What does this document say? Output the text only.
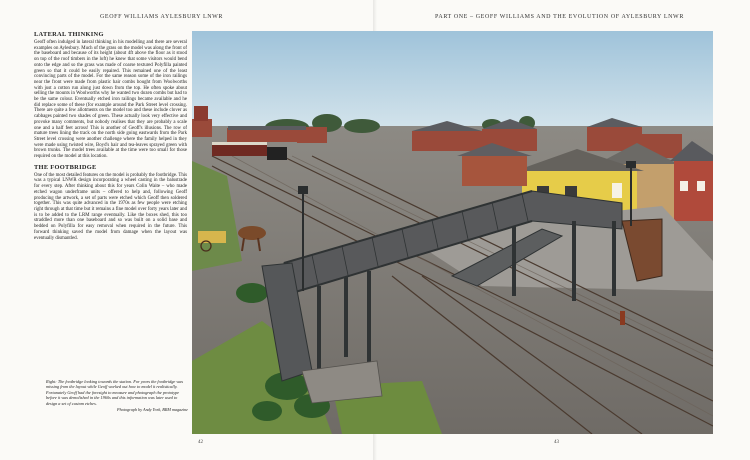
GEOFF WILLIAMS AYLESBURY LNWR	PART ONE – GEOFF WILLIAMS AND THE EVOLUTION OF AYLESBURY LNWR
LATERAL THINKING

Geoff often indulged in lateral thinking in his modelling and there are several examples on Aylesbury. Much of the grass on the model was along the front of the baseboard and because of its height (about 4ft above the floor as it stood on top of the roof timbers in the loft) he knew that some visitors would bend onto the edge and so the grass was made of coarse textured Polyfilla painted green so that it could be easily repaired. This remained one of the least convincing parts of the model. For the same reason some of the iron railings near the front were made from plastic hair combs bought from Woolworths with just a cotton run along just down from the top. He often spoke about selling the mounts in Woolworths why he wanted two dozen combs but had to be the same colour. Eventually etched iron railings became available and he did replace some of these (for example around the Park Street level crossing. There are quite a few allotments on the model too and these include clover as cabbages painted two shades of green. These actually look very effective and provoke many comments, but nobody realises that they are probably a scale one and a half feet across! This is another of Geoff's illusions. The row of mature trees lining the track on the north side going eastwards from the Park Street level crossing were another challenge where the family helped in they were made using twisted wire, Boyd's hair and tea-leaves sprayed green with brown trunks. The model trees available at the time were too small for those required on the model at this location.

THE FOOTBRIDGE

One of the most detailed features on the model is probably the footbridge. This was a typical LNWR design incorporating a wheel casting in the balustrade for every step. After thinking about this for years Colin Waite – who made etched wagon underframe units – offered to help and, following Geoff producing the artwork, a set of parts were etched which Geoff then soldered together. This was quite advanced in the 1970s as few people were etching right through at that time but it remains a fine model over forty years later and is to be added to the LRM range eventually. Like the boxes shed, this too straddled more than one baseboard and so was built on a solid base and bedded on Polyfilla for easy removal when required in the future. This forward thinking saved the model from damage when the layout was eventually dismantled.

Right: The footbridge looking towards the station. For years the footbridge was missing from the layout while Geoff worked out how to model it realistically. Fortunately Geoff had the foresight to measure and photograph the prototype before it was demolished in the 1960s and this information was later used to design a set of custom etches.
Photograph by Andy York, BRM magazine
42	43
